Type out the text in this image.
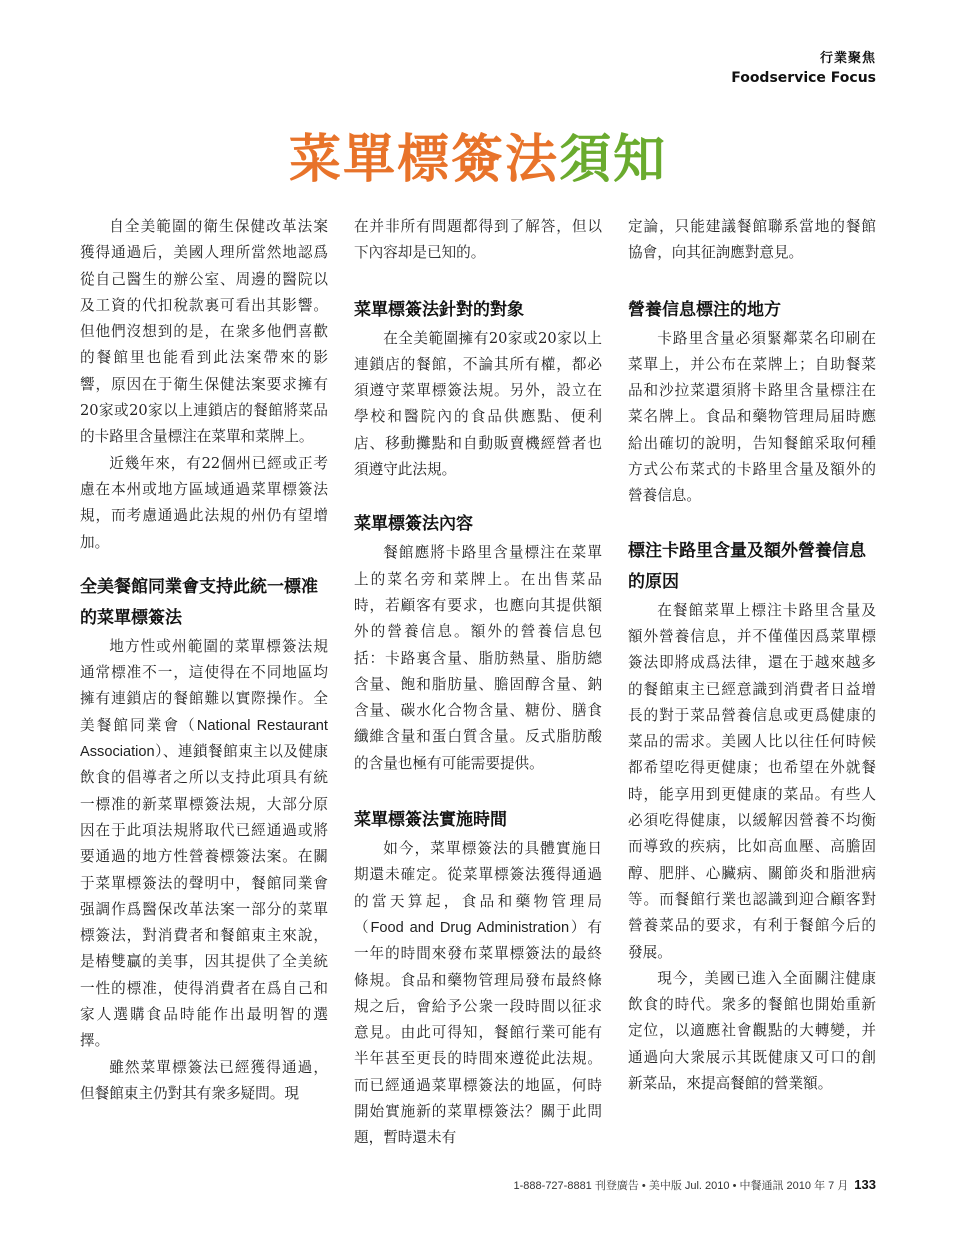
行業聚焦
Foodservice Focus
菜單標簽法須知

自全美範圍的衛生保健改革法案獲得通過后，美國人理所當然地認爲從自己醫生的辦公室、周邊的醫院以及工資的代扣稅款裏可看出其影響。但他們沒想到的是，在衆多他們喜歡的餐館里也能看到此法案帶來的影響，原因在于衛生保健法案要求擁有20家或20家以上連鎖店的餐館將菜品的卡路里含量標注在菜單和菜牌上。

近幾年來，有22個州已經或正考慮在本州或地方區域通過菜單標簽法規，而考慮通過此法規的州仍有望增加。

全美餐館同業會支持此統一標准的菜單標簽法

地方性或州範圍的菜單標簽法規通常標准不一，這使得在不同地區均擁有連鎖店的餐館難以實際操作。全美餐館同業會（National Restaurant Association）、連鎖餐館東主以及健康飲食的倡導者之所以支持此項具有統一標准的新菜單標簽法規，大部分原因在于此項法規將取代已經通過或將要通過的地方性營養標簽法案。在關于菜單標簽法的聲明中，餐館同業會强調作爲醫保改革法案一部分的菜單標簽法，對消費者和餐館東主來說，是樁雙贏的美事，因其提供了全美統一性的標准，使得消費者在爲自己和家人選購食品時能作出最明智的選擇。

雖然菜單標簽法已經獲得通過，但餐館東主仍對其有衆多疑問。現

在并非所有問題都得到了解答，但以下內容却是已知的。

菜單標簽法針對的對象

在全美範圍擁有20家或20家以上連鎖店的餐館，不論其所有權，都必須遵守菜單標簽法規。另外，設立在學校和醫院內的食品供應點、便利店、移動攤點和自動販賣機經營者也須遵守此法規。

菜單標簽法內容

餐館應將卡路里含量標注在菜單上的菜名旁和菜牌上。在出售菜品時，若顧客有要求，也應向其提供額外的營養信息。額外的營養信息包括：卡路裏含量、脂肪熱量、脂肪總含量、飽和脂肪量、膽固醇含量、鈉含量、碳水化合物含量、糖份、膳食纖維含量和蛋白質含量。反式脂肪酸的含量也極有可能需要提供。

菜單標簽法實施時間

如今，菜單標簽法的具體實施日期還未確定。從菜單標簽法獲得通過的當天算起，食品和藥物管理局（Food and Drug Administration）有一年的時間來發布菜單標簽法的最終條規。食品和藥物管理局發布最終條規之后，會給予公衆一段時間以征求意見。由此可得知，餐館行業可能有半年甚至更長的時間來遵從此法規。而已經通過菜單標簽法的地區，何時開始實施新的菜單標簽法？關于此問題，暫時還未有

定論，只能建議餐館聯系當地的餐館協會，向其征詢應對意見。

營養信息標注的地方

卡路里含量必須緊鄰菜名印刷在菜單上，并公布在菜牌上；自助餐菜品和沙拉菜還須將卡路里含量標注在菜名牌上。食品和藥物管理局届時應給出確切的說明，告知餐館采取何種方式公布菜式的卡路里含量及額外的營養信息。

標注卡路里含量及額外營養信息的原因

在餐館菜單上標注卡路里含量及額外營養信息，并不僅僅因爲菜單標簽法即將成爲法律，還在于越來越多的餐館東主已經意識到消費者日益增長的對于菜品營養信息或更爲健康的菜品的需求。美國人比以往任何時候都希望吃得更健康；也希望在外就餐時，能享用到更健康的菜品。有些人必須吃得健康，以緩解因營養不均衡而導致的疾病，比如高血壓、高膽固醇、肥胖、心臟病、關節炎和脂泄病等。而餐館行業也認識到迎合顧客對營養菜品的要求，有利于餐館今后的發展。

現今，美國已進入全面關注健康飲食的時代。衆多的餐館也開始重新定位，以適應社會觀點的大轉變，并通過向大衆展示其既健康又可口的創新菜品，來提高餐館的營業額。

1-888-727-8881 刊登廣告 • 美中版 Jul. 2010 • 中餐通訊 2010 年 7 月 133
